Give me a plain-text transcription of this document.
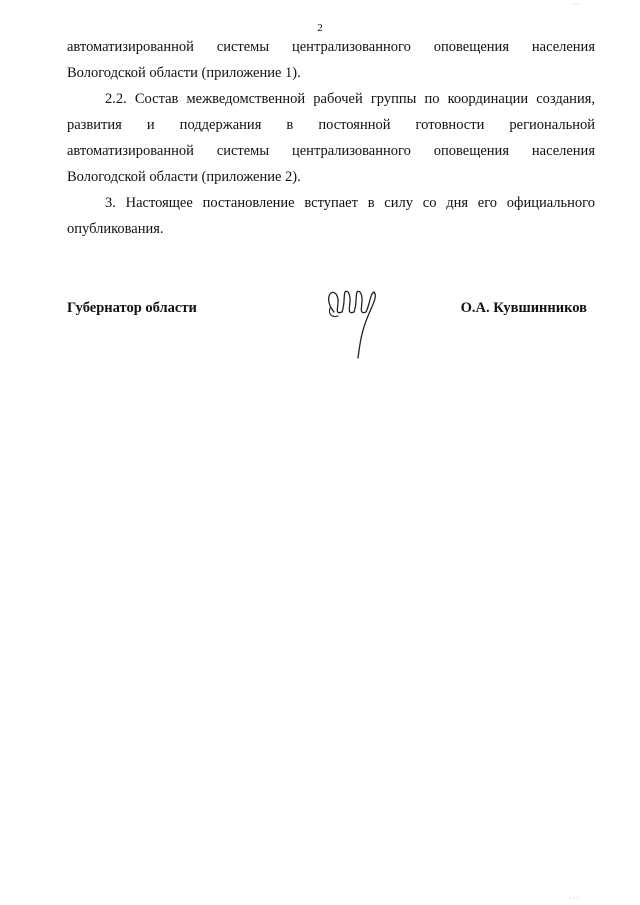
2

автоматизированной системы централизованного оповещения населения Вологодской области (приложение 1).

2.2. Состав межведомственной рабочей группы по координации создания, развития и поддержания в постоянной готовности региональной автоматизированной системы централизованного оповещения населения Вологодской области (приложение 2).

3. Настоящее постановление вступает в силу со дня его официального опубликования.

Губернатор области	О.А. Кувшинников
···
···
